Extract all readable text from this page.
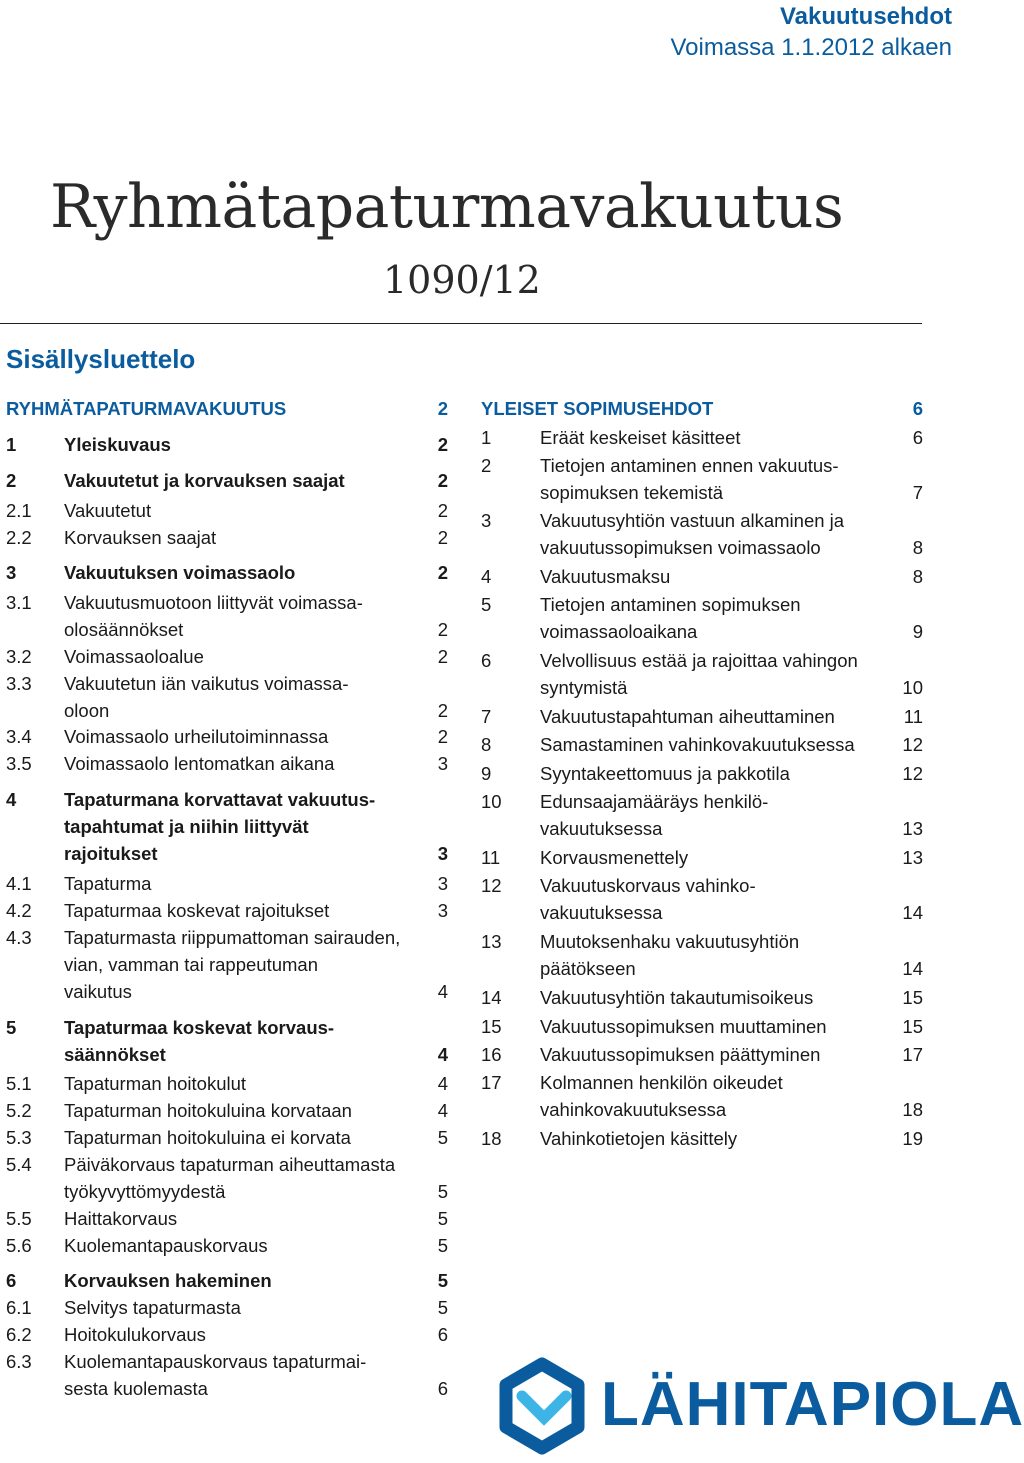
Vakuutusehdot
Voimassa 1.1.2012 alkaen
Ryhmätapaturmavakuutus
1090/12
Sisällysluettelo
RYHMÄTAPATURMAVAKUUTUS	2
1	Yleiskuvaus	2
2	Vakuutetut ja korvauksen saajat	2
2.1 Vakuutetut	2
2.2 Korvauksen saajat	2
3	Vakuutuksen voimassaolo	2
3.1 Vakuutusmuotoon liittyvät voimassa-
olosäännökset	2
3.2 Voimassaoloalue	2
3.3 Vakuutetun iän vaikutus voimassa-
oloon	2
3.4 Voimassaolo urheilutoiminnassa	2
3.5 Voimassaolo lentomatkan aikana	3
4	Tapaturmana korvattavat vakuutus-
tapahtumat ja niihin liittyvät
rajoitukset	3
4.1 Tapaturma	3
4.2 Tapaturmaa koskevat rajoitukset	3
4.3 Tapaturmasta riippumattoman sairauden,
vian, vamman tai rappeutuman
vaikutus	4
5	Tapaturmaa koskevat korvaus-
säännökset	4
5.1 Tapaturman hoitokulut	4
5.2 Tapaturman hoitokuluina korvataan	4
5.3 Tapaturman hoitokuluina ei korvata	5
5.4 Päiväkorvaus tapaturman aiheuttamasta
työkyvyttömyydestä	5
5.5 Haittakorvaus	5
5.6 Kuolemantapauskorvaus	5
6	Korvauksen hakeminen	5
6.1 Selvitys tapaturmasta	5
6.2 Hoitokulukorvaus	6
6.3 Kuolemantapauskorvaus tapaturmai-
sesta kuolemasta	6
YLEISET SOPIMUSEHDOT	6
1	Eräät keskeiset käsitteet	6
2	Tietojen antaminen ennen vakuutus-
sopimuksen tekemistä	7
3	Vakuutusyhtiön vastuun alkaminen ja
vakuutussopimuksen voimassaolo	8
4	Vakuutusmaksu	8
5	Tietojen antaminen sopimuksen
voimassaoloaikana	9
6	Velvollisuus estää ja rajoittaa vahingon
syntymistä	10
7	Vakuutustapahtuman aiheuttaminen	11
8	Samastaminen vahinkovakuutuksessa	12
9	Syyntakeettomuus ja pakkotila	12
10 Edunsaajamääräys henkilö-
vakuutuksessa	13
11 Korvausmenettely	13
12 Vakuutuskorvaus vahinko-
vakuutuksessa	14
13 Muutoksenhaku vakuutusyhtiön
päätökseen	14
14 Vakuutusyhtiön takautumisoikeus	15
15 Vakuutussopimuksen muuttaminen	15
16 Vakuutussopimuksen päättyminen	17
17 Kolmannen henkilön oikeudet
vahinkovakuutuksessa	18
18 Vahinkotietojen käsittely	19
LÄHITAPIOLA
